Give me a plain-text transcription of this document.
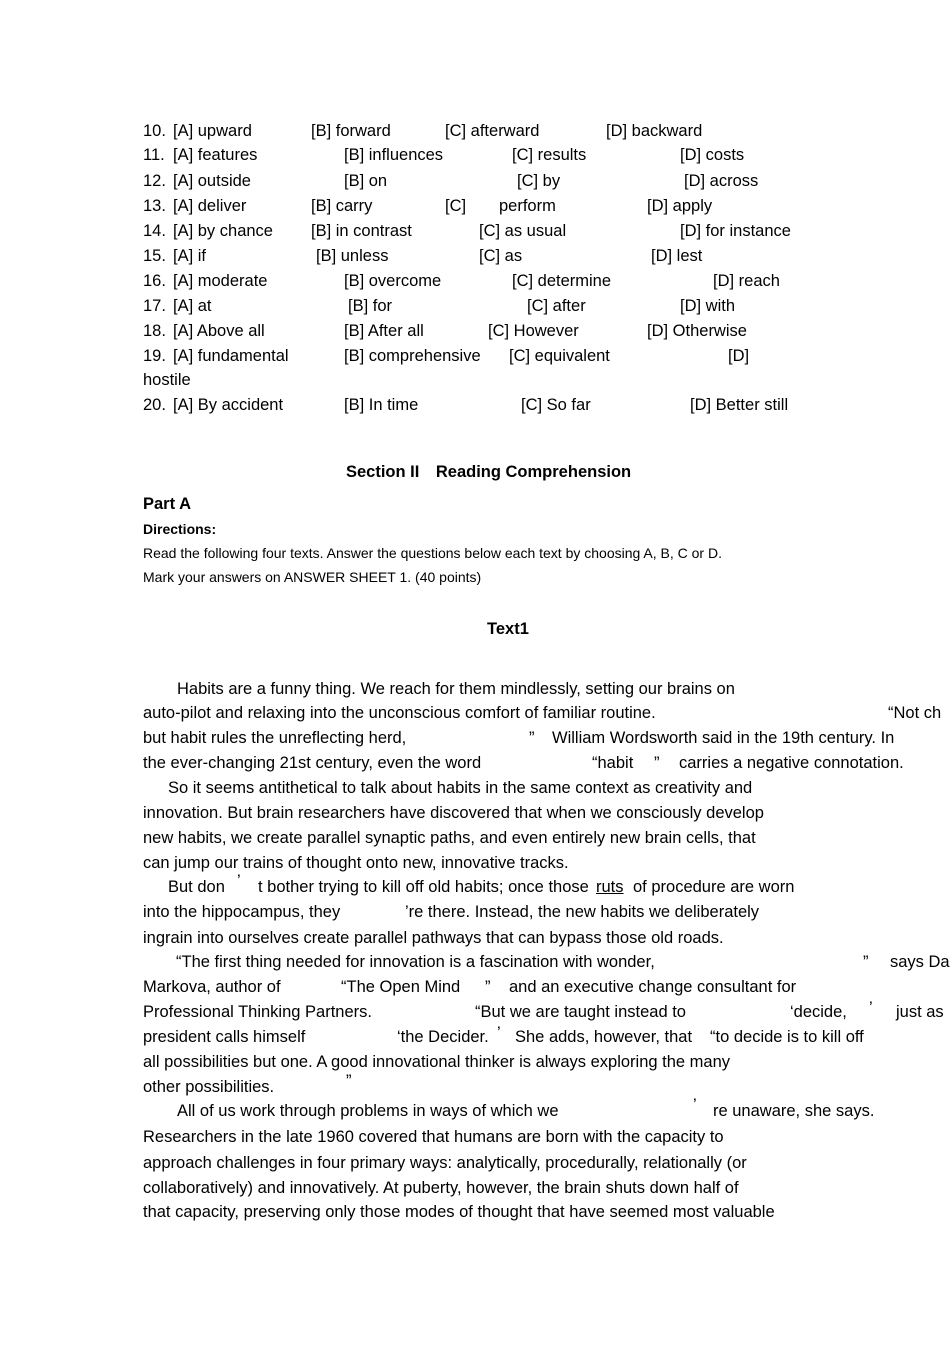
10. [A] upward	[B] forward	[C] afterward	[D] backward
11. [A] features	[B] influences	[C] results	[D] costs
12. [A] outside	[B] on	[C] by	[D] across
13. [A] deliver	[B] carry	[C] perform	[D] apply
14. [A] by chance [B] in contrast	[C] as usual	[D] for instance
15. [A] if	[B] unless	[C] as	[D] lest
16. [A] moderate	[B] overcome	[C] determine	[D] reach
17. [A] at	[B] for	[C] after	[D] with
18. [A] Above all	[B] After all	[C] However	[D] Otherwise
19. [A] fundamental	[B] comprehensive [C] equivalent	[D]
hostile
20. [A] By accident	[B] In time	[C] So far	[D] Better still
Section II Reading Comprehension
Part A
Directions:
Read the following four texts. Answer the questions below each text by choosing A, B, C or D.
Mark your answers on ANSWER SHEET 1. (40 points)
Text1
Habits are a funny thing. We reach for them mindlessly, setting our brains on
auto-pilot and relaxing into the unconscious comfort of familiar routine.	“Not ch
but habit rules the unreflecting herd,	” William Wordsworth said in the 19th century. In
the ever-changing 21st century, even the word	“habit ” carries a negative connotation.
So it seems antithetical to talk about habits in the same context as creativity and
innovation. But brain researchers have discovered that when we consciously develop
new habits, we create parallel synaptic paths, and even entirely new brain cells, that
can jump our trains of thought onto new, innovative tracks.
But don ’ t bother trying to kill off old habits; once those ruts of procedure are worn
into the hippocampus, they	’re there. Instead, the new habits we deliberately
ingrain into ourselves create parallel pathways that can bypass those old roads.
“The first thing needed for innovation is a fascination with wonder,	” says Da
Markova, author of	“The Open Mind ” and an executive change consultant for
Professional Thinking Partners.	“But we are taught instead to	‘decide, ’ just as
president calls himself	‘the Decider. ’ She adds, however, that “to decide is to kill off
all possibilities but one. A good innovational thinker is always exploring the many
other possibilities.	”
All of us work through problems in ways of which we	’ re unaware, she says.
Researchers in the late 1960 covered that humans are born with the capacity to
approach challenges in four primary ways: analytically, procedurally, relationally (or
collaboratively) and innovatively. At puberty, however, the brain shuts down half of
that capacity, preserving only those modes of thought that have seemed most valuable
